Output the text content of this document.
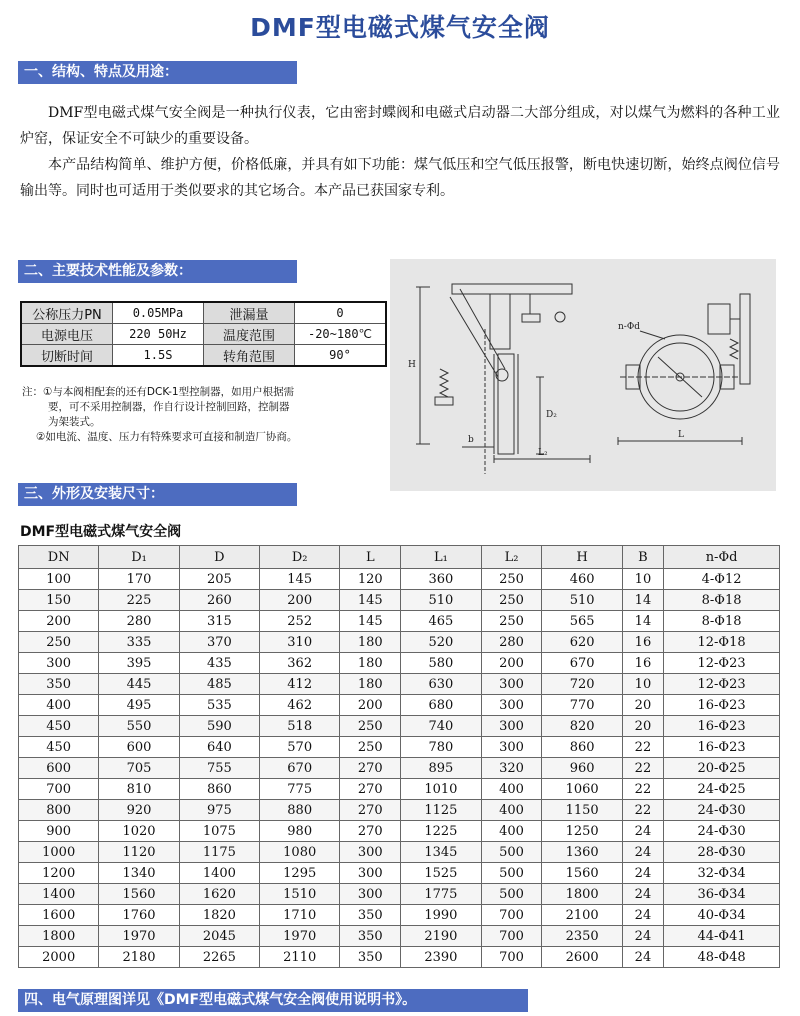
DMF型电磁式煤气安全阀
一、结构、特点及用途：

DMF型电磁式煤气安全阀是一种执行仪表，它由密封蝶阀和电磁式启动器二大部分组成，对以煤气为燃料的各种工业炉窑，保证安全不可缺少的重要设备。

本产品结构简单、维护方便，价格低廉，并具有如下功能：煤气低压和空气低压报警，断电快速切断，始终点阀位信号输出等。同时也可适用于类似要求的其它场合。本产品已获国家专利。

二、主要技术性能及参数：
公称压力PN	0.05MPa	泄漏量	0
电源电压	220 50Hz	温度范围	-20~180℃
切断时间	1.5S	转角范围	90°
注：①与本阀相配套的还有DCK-1型控制器，如用户根据需
要，可不采用控制器，作自行设计控制回路，控制器
为架装式。
②如电流、温度、压力有特殊要求可直接和制造厂协商。
H
D₂
b
L₂
n-Φd
L
三、外形及安装尺寸：
DMF型电磁式煤气安全阀
DN	D₁	D	D₂	L	L₁	L₂	H	B	n-Φd
100	170	205	145	120	360	250	460	10	4-Φ12
150	225	260	200	145	510	250	510	14	8-Φ18
200	280	315	252	145	465	250	565	14	8-Φ18
250	335	370	310	180	520	280	620	16	12-Φ18
300	395	435	362	180	580	200	670	16	12-Φ23
350	445	485	412	180	630	300	720	10	12-Φ23
400	495	535	462	200	680	300	770	20	16-Φ23
450	550	590	518	250	740	300	820	20	16-Φ23
450	600	640	570	250	780	300	860	22	16-Φ23
600	705	755	670	270	895	320	960	22	20-Φ25
700	810	860	775	270	1010	400	1060	22	24-Φ25
800	920	975	880	270	1125	400	1150	22	24-Φ30
900	1020	1075	980	270	1225	400	1250	24	24-Φ30
1000	1120	1175	1080	300	1345	500	1360	24	28-Φ30
1200	1340	1400	1295	300	1525	500	1560	24	32-Φ34
1400	1560	1620	1510	300	1775	500	1800	24	36-Φ34
1600	1760	1820	1710	350	1990	700	2100	24	40-Φ34
1800	1970	2045	1970	350	2190	700	2350	24	44-Φ41
2000	2180	2265	2110	350	2390	700	2600	24	48-Φ48
四、电气原理图详见《DMF型电磁式煤气安全阀使用说明书》。
